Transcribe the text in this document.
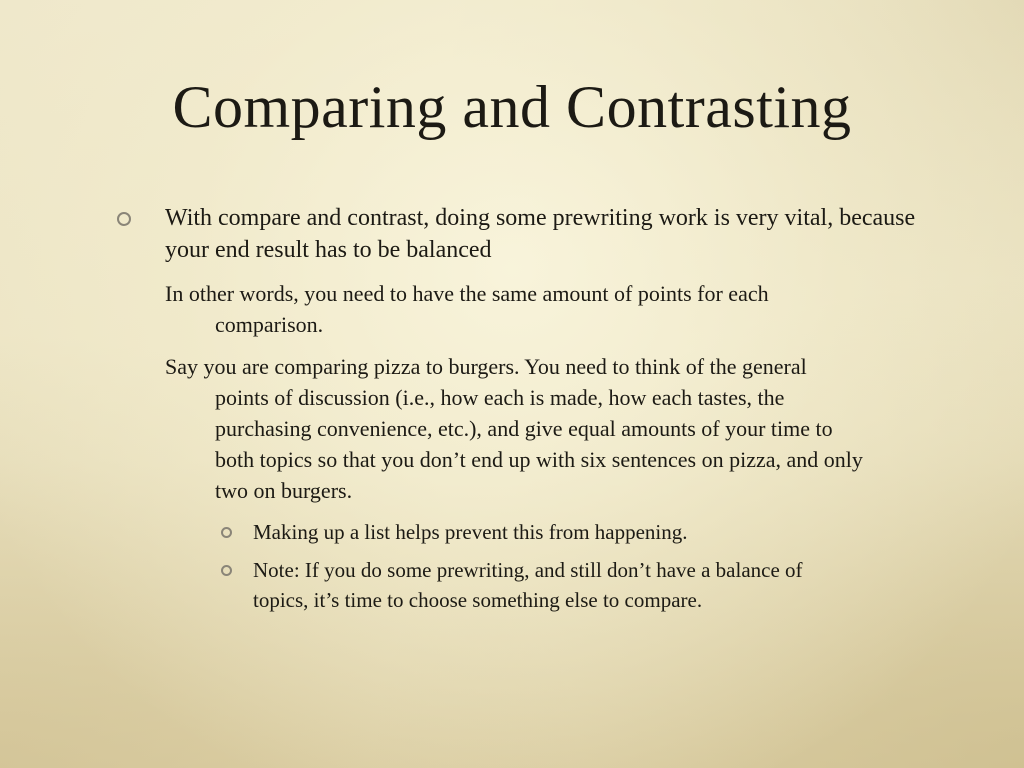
Comparing and Contrasting
With compare and contrast, doing some prewriting work is very vital, because your end result has to be balanced
In other words, you need to have the same amount of points for each comparison.
Say you are comparing pizza to burgers. You need to think of the general points of discussion (i.e., how each is made, how each tastes, the purchasing convenience, etc.), and give equal amounts of your time to both topics so that you don’t end up with six sentences on pizza, and only two on burgers.
Making up a list helps prevent this from happening.
Note: If you do some prewriting, and still don’t have a balance of topics, it’s time to choose something else to compare.
